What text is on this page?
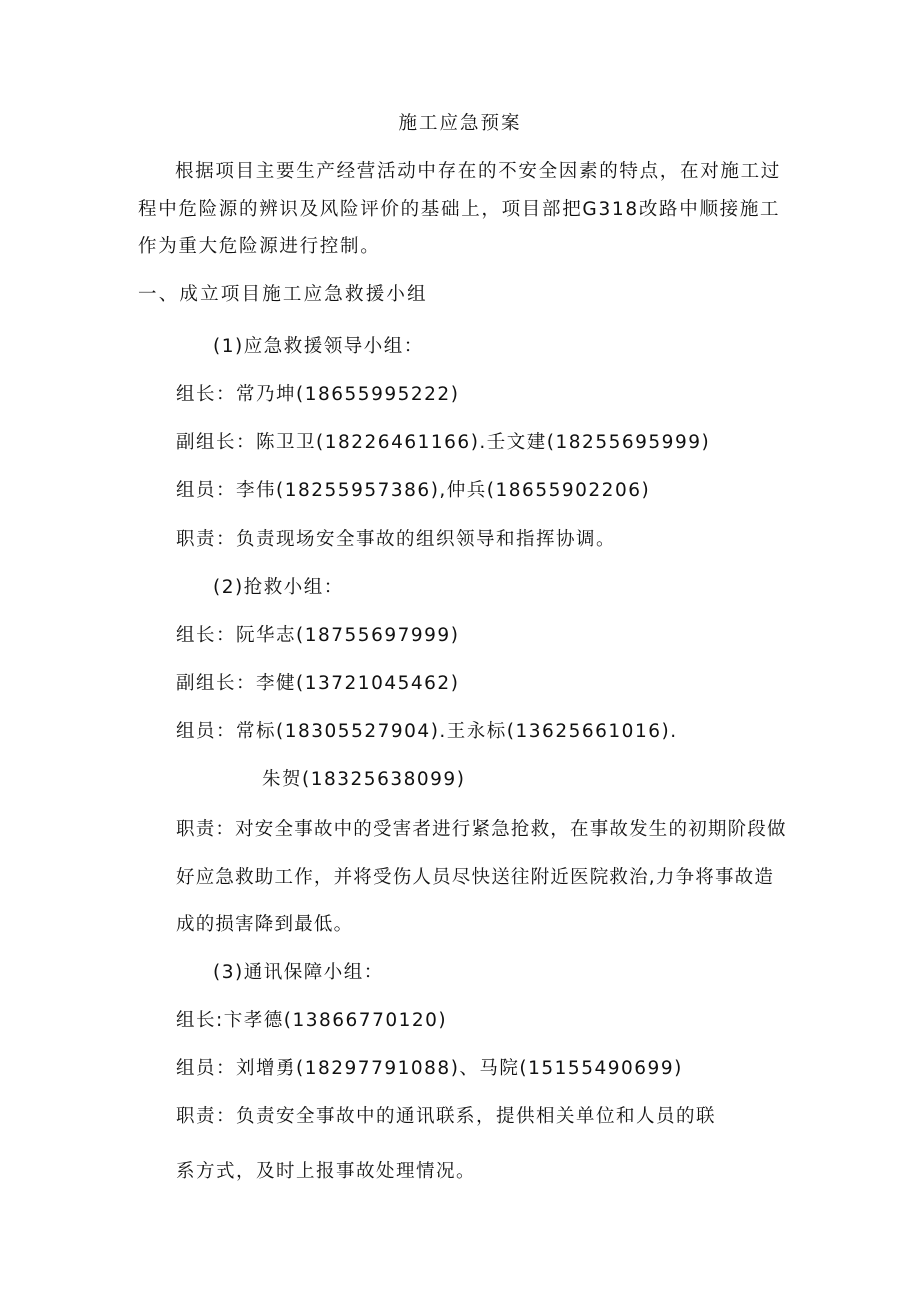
施工应急预案
根据项目主要生产经营活动中存在的不安全因素的特点，在对施工过程中危险源的辨识及风险评价的基础上，项目部把G318改路中顺接施工作为重大危险源进行控制。
一、成立项目施工应急救援小组
(1)应急救援领导小组：
组长：常乃坤(18655995222)
副组长：陈卫卫(18226461166).壬文建(18255695999)
组员：李伟(18255957386),仲兵(18655902206)
职责：负责现场安全事故的组织领导和指挥协调。
(2)抢救小组：
组长：阮华志(18755697999)
副组长：李健(13721045462)
组员：常标(18305527904).王永标(13625661016).
朱贺(18325638099)
职责：对安全事故中的受害者进行紧急抢救，在事故发生的初期阶段做好应急救助工作，并将受伤人员尽快送往附近医院救治,力争将事故造成的损害降到最低。
(3)通讯保障小组：
组长:卞孝德(13866770120)
组员：刘增勇(18297791088)、马院(15155490699)
职责：负责安全事故中的通讯联系，提供相关单位和人员的联
系方式，及时上报事故处理情况。
